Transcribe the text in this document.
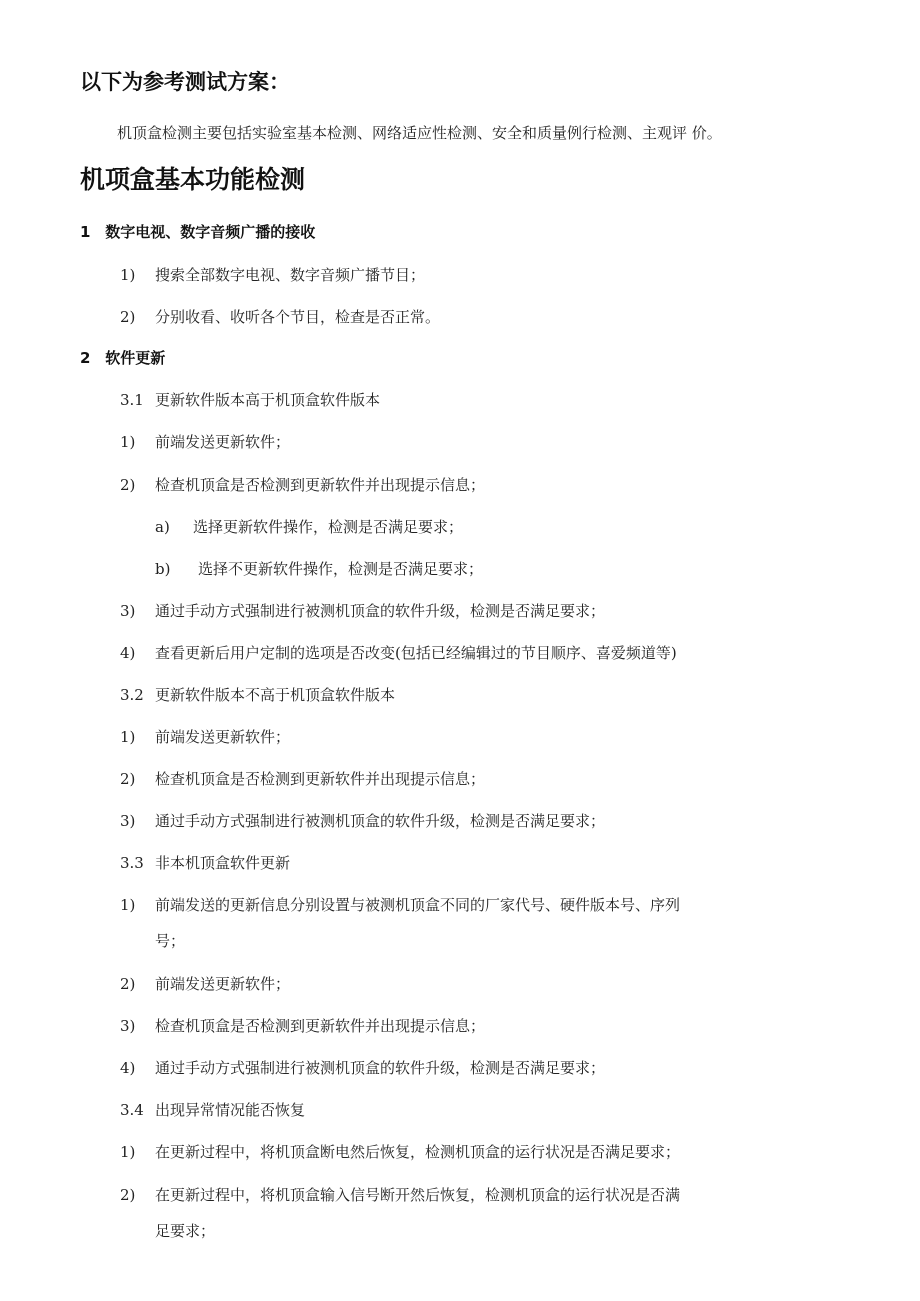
以下为参考测试方案：
机顶盒检测主要包括实验室基本检测、网络适应性检测、安全和质量例行检测、主观评 价。
机项盒基本功能检测
1 数字电视、数字音频广播的接收
1) 搜索全部数字电视、数字音频广播节目；
2) 分别收看、收听各个节目，检查是否正常。
2 软件更新
3.1 更新软件版本高于机顶盒软件版本
1) 前端发送更新软件；
2) 检查机顶盒是否检测到更新软件并出现提示信息；
a) 选择更新软件操作，检测是否满足要求；
b) 选择不更新软件操作，检测是否满足要求；
3) 通过手动方式强制进行被测机顶盒的软件升级，检测是否满足要求；
4) 查看更新后用户定制的选项是否改变(包括已经编辑过的节目顺序、喜爱频道等)
3.2 更新软件版本不高于机顶盒软件版本
1) 前端发送更新软件；
2) 检查机顶盒是否检测到更新软件并出现提示信息；
3) 通过手动方式强制进行被测机顶盒的软件升级，检测是否满足要求；
3.3 非本机顶盒软件更新
1) 前端发送的更新信息分别设置与被测机顶盒不同的厂家代号、硬件版本号、序列
号；
2) 前端发送更新软件；
3) 检查机顶盒是否检测到更新软件并出现提示信息；
4) 通过手动方式强制进行被测机顶盒的软件升级，检测是否满足要求；
3.4 出现异常情况能否恢复
1) 在更新过程中，将机顶盒断电然后恢复，检测机顶盒的运行状况是否满足要求；
2) 在更新过程中，将机顶盒输入信号断开然后恢复，检测机顶盒的运行状况是否满
足要求；
